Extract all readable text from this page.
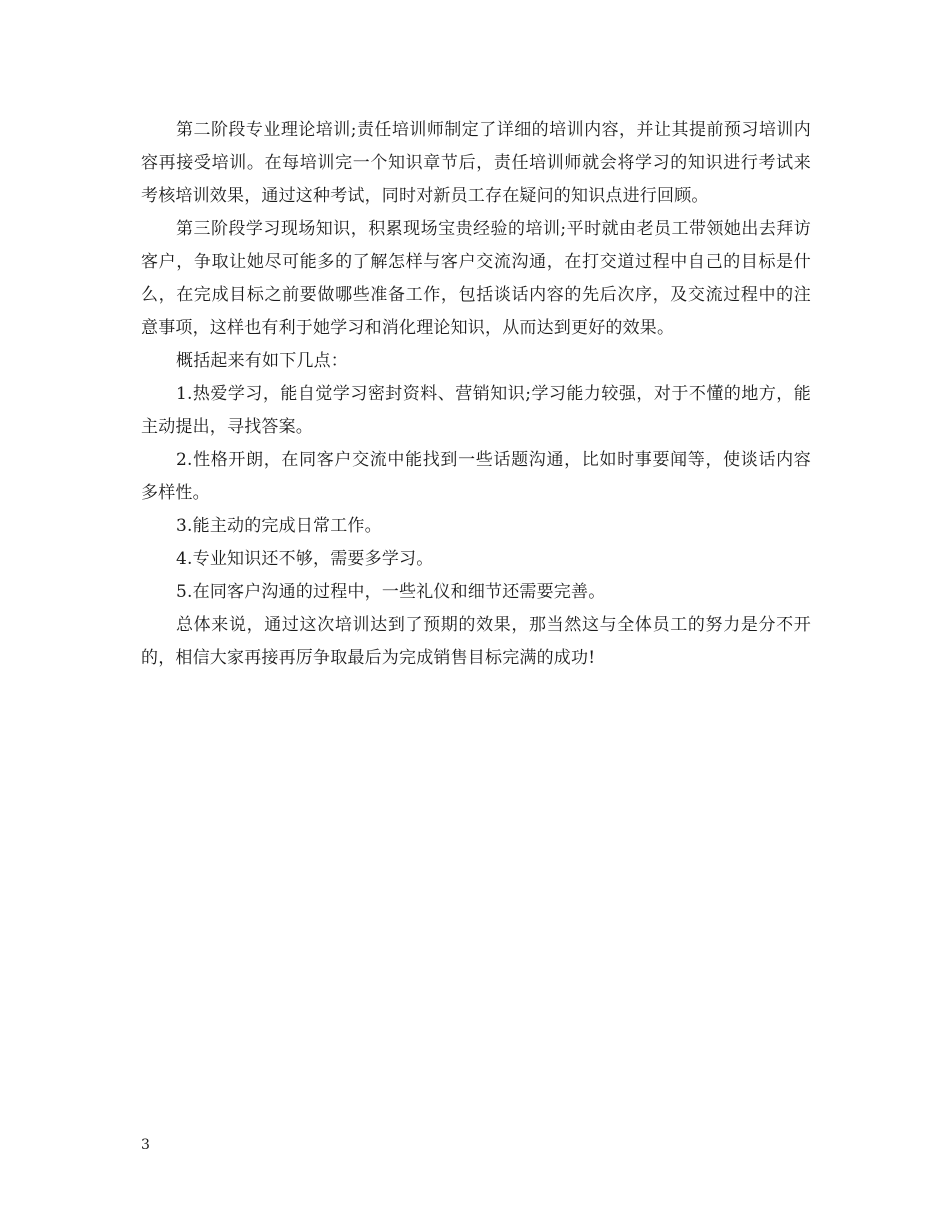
第二阶段专业理论培训;责任培训师制定了详细的培训内容，并让其提前预习培训内容再接受培训。在每培训完一个知识章节后，责任培训师就会将学习的知识进行考试来考核培训效果，通过这种考试，同时对新员工存在疑问的知识点进行回顾。

第三阶段学习现场知识，积累现场宝贵经验的培训;平时就由老员工带领她出去拜访客户，争取让她尽可能多的了解怎样与客户交流沟通，在打交道过程中自己的目标是什么，在完成目标之前要做哪些准备工作，包括谈话内容的先后次序，及交流过程中的注意事项，这样也有利于她学习和消化理论知识，从而达到更好的效果。

概括起来有如下几点：

1.热爱学习，能自觉学习密封资料、营销知识;学习能力较强，对于不懂的地方，能主动提出，寻找答案。

2.性格开朗，在同客户交流中能找到一些话题沟通，比如时事要闻等，使谈话内容多样性。

3.能主动的完成日常工作。

4.专业知识还不够，需要多学习。

5.在同客户沟通的过程中，一些礼仪和细节还需要完善。

总体来说，通过这次培训达到了预期的效果，那当然这与全体员工的努力是分不开的，相信大家再接再厉争取最后为完成销售目标完满的成功!

3
